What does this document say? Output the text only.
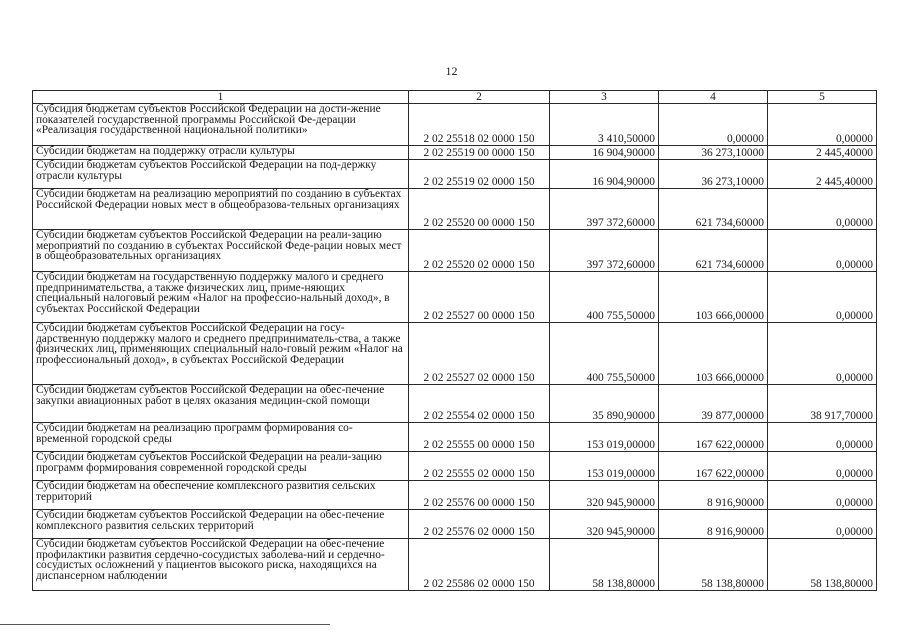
12
1	2	3	4	5
Субсидия бюджетам субъектов Российской Федерации на дости-жение показателей государственной программы Российской Фе-дерации «Реализация государственной национальной политики»	2 02 25518 02 0000 150	3 410,50000	0,00000	0,00000
Субсидии бюджетам на поддержку отрасли культуры	2 02 25519 00 0000 150	16 904,90000	36 273,10000	2 445,40000
Субсидии бюджетам субъектов Российской Федерации на под-держку отрасли культуры	2 02 25519 02 0000 150	16 904,90000	36 273,10000	2 445,40000
Субсидии бюджетам на реализацию мероприятий по созданию в субъектах Российской Федерации новых мест в общеобразова-тельных организациях	2 02 25520 00 0000 150	397 372,60000	621 734,60000	0,00000
Субсидии бюджетам субъектов Российской Федерации на реали-зацию мероприятий по созданию в субъектах Российской Феде-рации новых мест в общеобразовательных организациях	2 02 25520 02 0000 150	397 372,60000	621 734,60000	0,00000
Субсидии бюджетам на государственную поддержку малого и среднего предпринимательства, а также физических лиц, приме-няющих специальный налоговый режим «Налог на профессио-нальный доход», в субъектах Российской Федерации	2 02 25527 00 0000 150	400 755,50000	103 666,00000	0,00000
Субсидии бюджетам субъектов Российской Федерации на госу-дарственную поддержку малого и среднего предприниматель-ства, а также физических лиц, применяющих специальный нало-говый режим «Налог на профессиональный доход», в субъектах Российской Федерации	2 02 25527 02 0000 150	400 755,50000	103 666,00000	0,00000
Субсидии бюджетам субъектов Российской Федерации на обес-печение закупки авиационных работ в целях оказания медицин-ской помощи	2 02 25554 02 0000 150	35 890,90000	39 877,00000	38 917,70000
Субсидии бюджетам на реализацию программ формирования со-временной городской среды	2 02 25555 00 0000 150	153 019,00000	167 622,00000	0,00000
Субсидии бюджетам субъектов Российской Федерации на реали-зацию программ формирования современной городской среды	2 02 25555 02 0000 150	153 019,00000	167 622,00000	0,00000
Субсидии бюджетам на обеспечение комплексного развития сельских территорий	2 02 25576 00 0000 150	320 945,90000	8 916,90000	0,00000
Субсидии бюджетам субъектов Российской Федерации на обес-печение комплексного развития сельских территорий	2 02 25576 02 0000 150	320 945,90000	8 916,90000	0,00000
Субсидии бюджетам субъектов Российской Федерации на обес-печение профилактики развития сердечно-сосудистых заболева-ний и сердечно-сосудистых осложнений у пациентов высокого риска, находящихся на диспансерном наблюдении	2 02 25586 02 0000 150	58 138,80000	58 138,80000	58 138,80000
